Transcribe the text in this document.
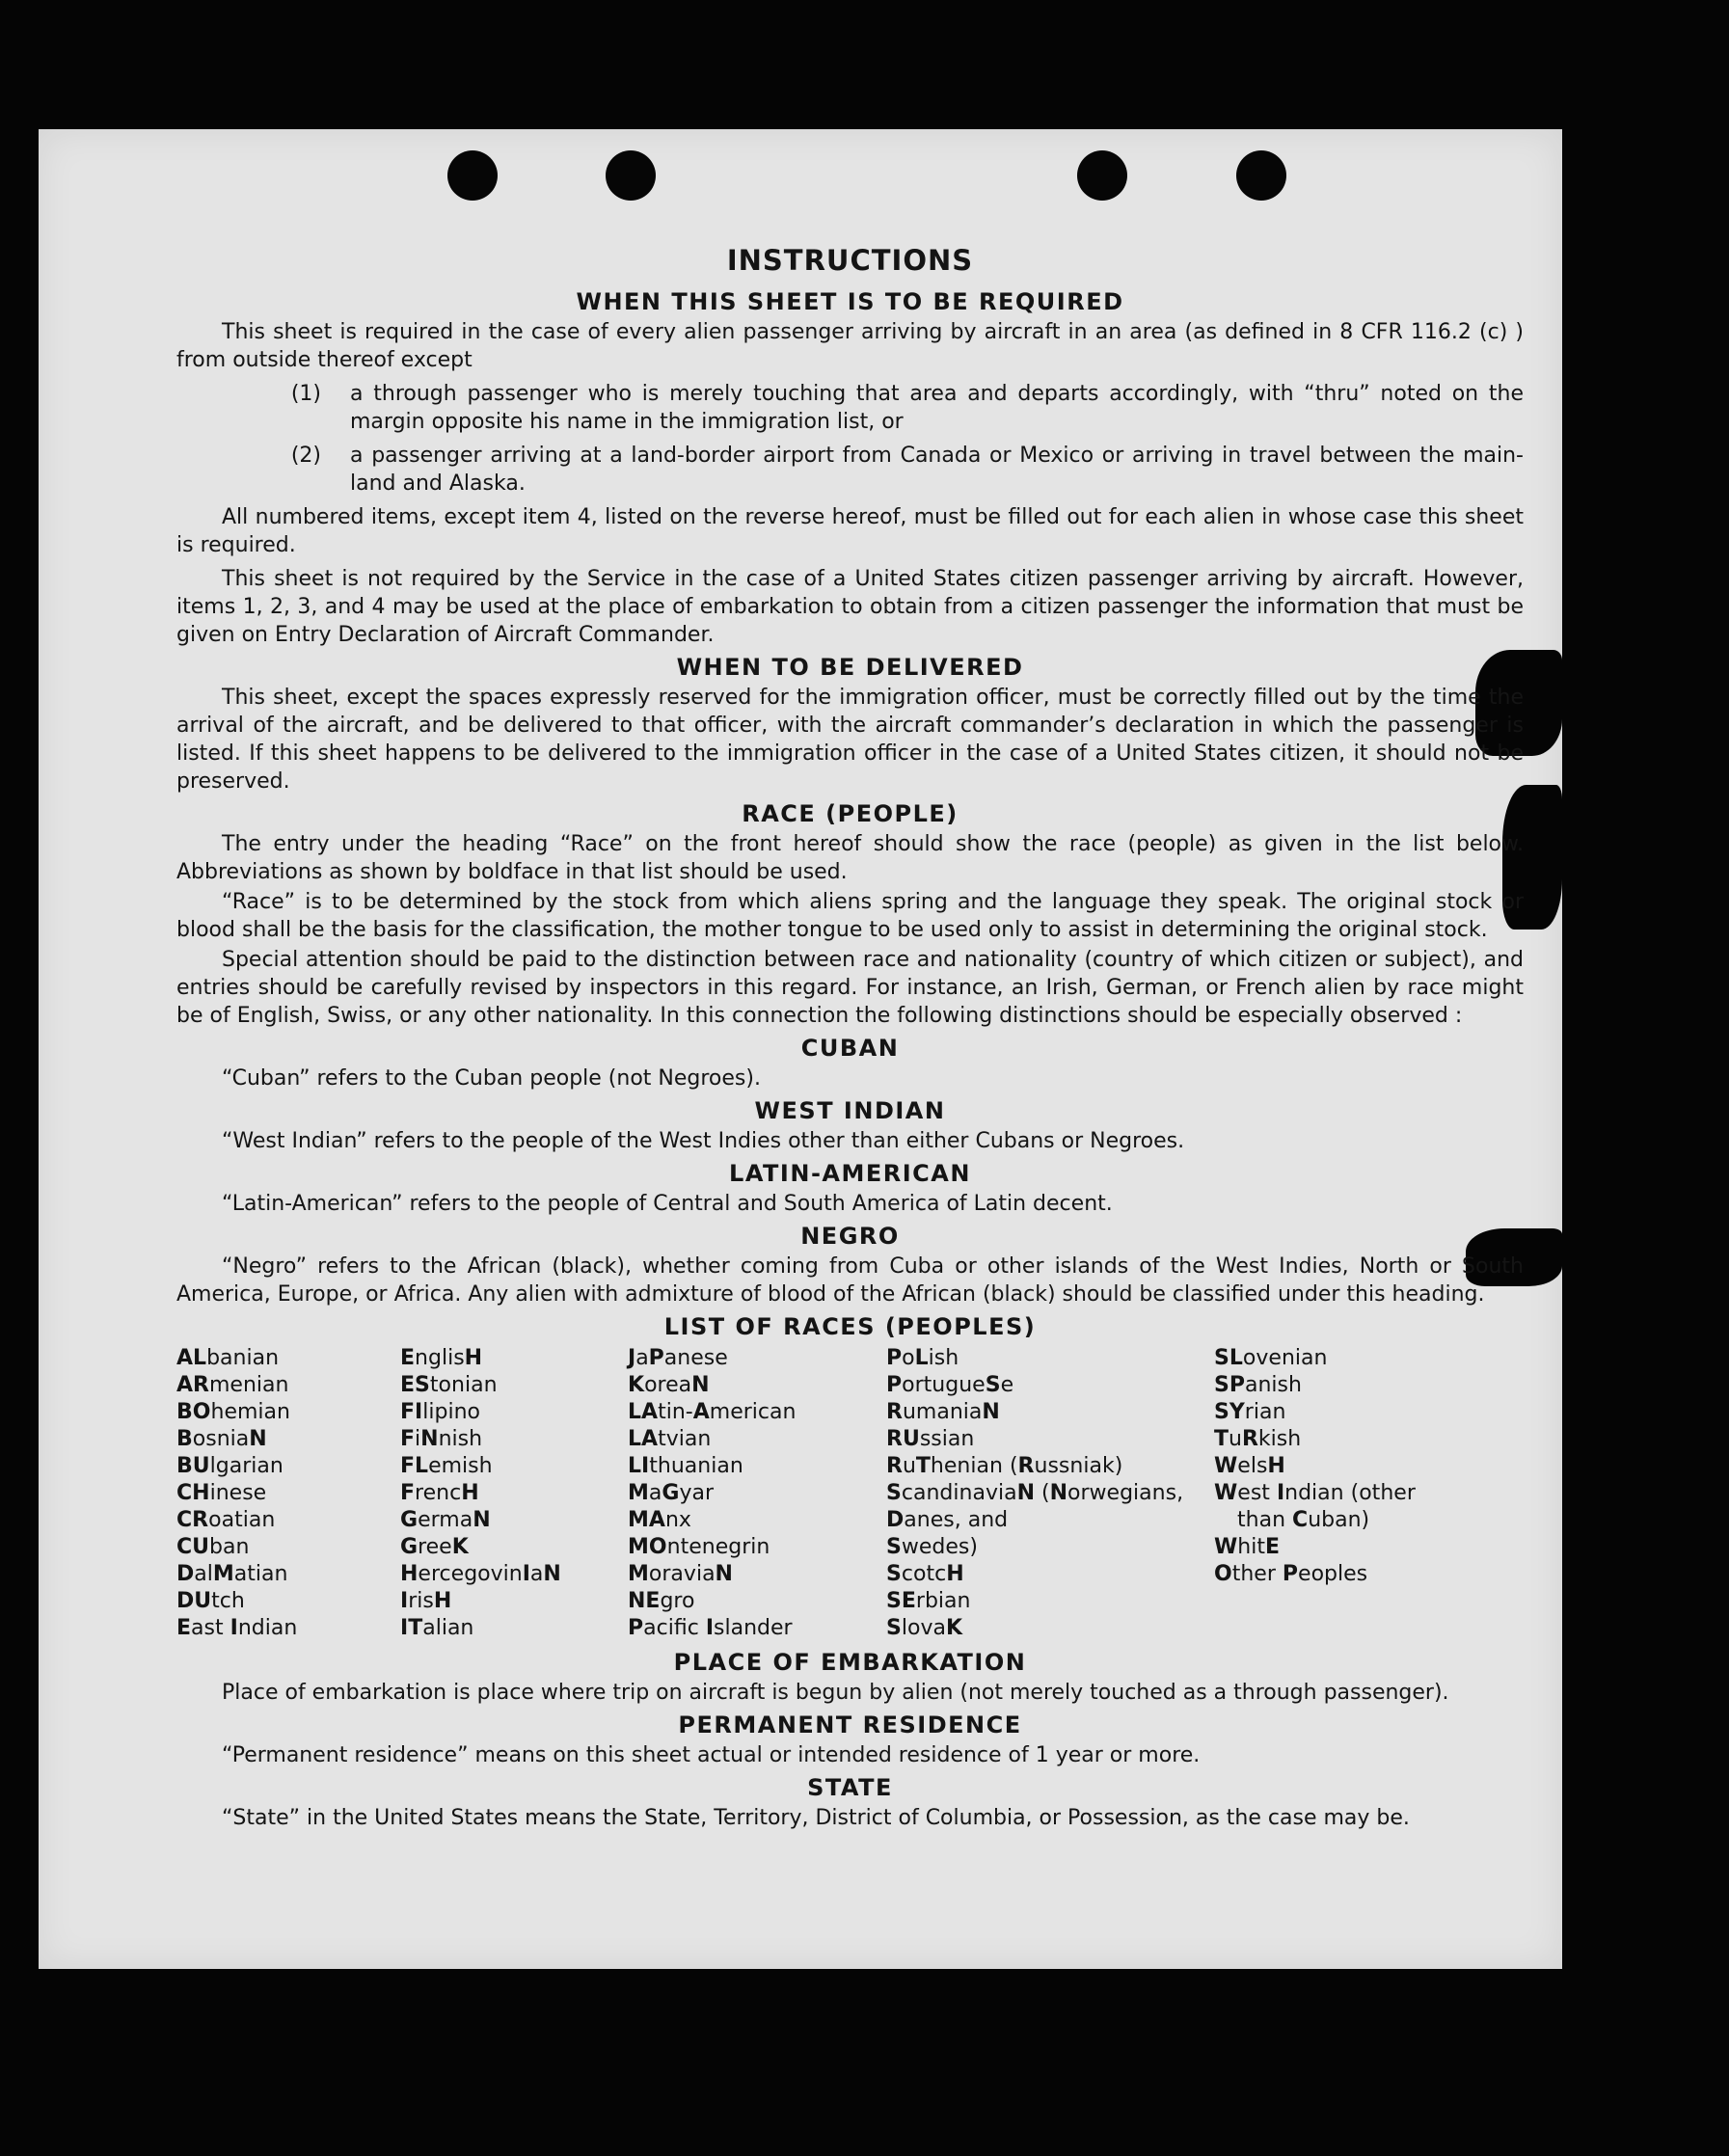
INSTRUCTIONS
WHEN THIS SHEET IS TO BE REQUIRED

This sheet is required in the case of every alien passenger arriving by aircraft in an area (as defined in 8 CFR 116.2 (c) ) from outside thereof except

(1)	a through passenger who is merely touching that area and departs accordingly, with “thru” noted on the margin opposite his name in the immigration list, or
(2)	a passenger arriving at a land-border airport from Canada or Mexico or arriving in travel between the main-land and Alaska.

All numbered items, except item 4, listed on the reverse hereof, must be filled out for each alien in whose case this sheet is required.

This sheet is not required by the Service in the case of a United States citizen passenger arriving by aircraft. However, items 1, 2, 3, and 4 may be used at the place of embarkation to obtain from a citizen passenger the information that must be given on Entry Declaration of Aircraft Commander.

WHEN TO BE DELIVERED

This sheet, except the spaces expressly reserved for the immigration officer, must be correctly filled out by the time the arrival of the aircraft, and be delivered to that officer, with the aircraft commander’s declaration in which the passenger is listed. If this sheet happens to be delivered to the immigration officer in the case of a United States citizen, it should not be preserved.

RACE (PEOPLE)

The entry under the heading “Race” on the front hereof should show the race (people) as given in the list below. Abbreviations as shown by boldface in that list should be used.

“Race” is to be determined by the stock from which aliens spring and the language they speak. The original stock or blood shall be the basis for the classification, the mother tongue to be used only to assist in determining the original stock.

Special attention should be paid to the distinction between race and nationality (country of which citizen or subject), and entries should be carefully revised by inspectors in this regard. For instance, an Irish, German, or French alien by race might be of English, Swiss, or any other nationality. In this connection the following distinctions should be especially observed :

CUBAN

“Cuban” refers to the Cuban people (not Negroes).

WEST INDIAN

“West Indian” refers to the people of the West Indies other than either Cubans or Negroes.

LATIN-AMERICAN

“Latin-American” refers to the people of Central and South America of Latin decent.

NEGRO

“Negro” refers to the African (black), whether coming from Cuba or other islands of the West Indies, North or South America, Europe, or Africa. Any alien with admixture of blood of the African (black) should be classified under this heading.

LIST OF RACES (PEOPLES)
ALbanian
ARmenian
BOhemian
BosniaN
BUlgarian
CHinese
CRoatian
CUban
DalMatian
DUtch
East Indian
EnglisH
EStonian
FIlipino
FiNnish
FLemish
FrencH
GermaN
GreeK
HercegovinIaN
IrisH
ITalian
JaPanese
KoreaN
LAtin-American
LAtvian
LIthuanian
MaGyar
MAnx
MOntenegrin
MoraviaN
NEgro
Pacifc Islander
PoLish
PortugueSe
RumaniaN
RUssian
RuThenian (Russniak)
ScandinaviaN (Norwegians,
Danes, and
Swedes)
ScotcH
SErbian
SlovaK
SLovenian
SPanish
SYrian
TuRkish
WelsH
West Indian (other
than Cuban)
WhitE
Other Peoples
PLACE OF EMBARKATION

Place of embarkation is place where trip on aircraft is begun by alien (not merely touched as a through passenger).

PERMANENT RESIDENCE

“Permanent residence” means on this sheet actual or intended residence of 1 year or more.

STATE

“State” in the United States means the State, Territory, District of Columbia, or Possession, as the case may be.
